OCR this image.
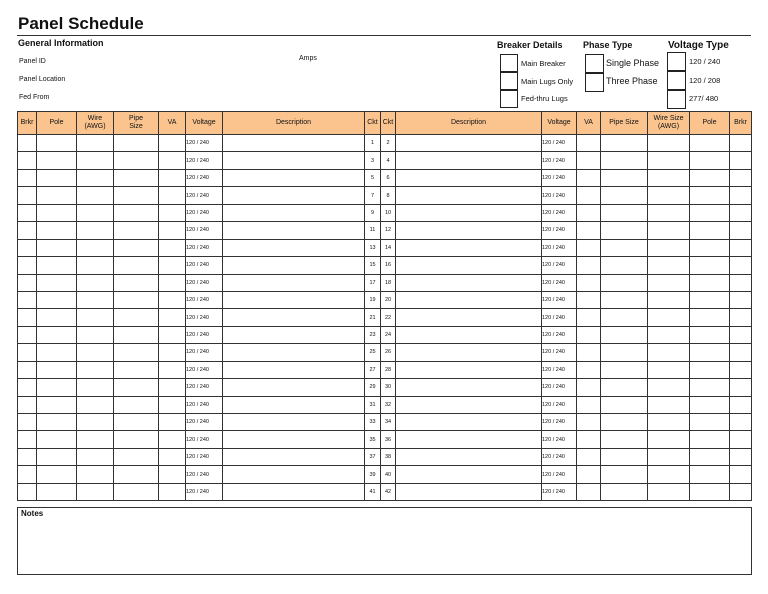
Panel Schedule
General Information
Panel ID	Amps
Panel Location
Fed From
Breaker Details
Main Breaker
Main Lugs Only
Fed-thru Lugs
Phase Type
Single Phase
Three Phase
Voltage Type
120 / 240
120 / 208
277/ 480
Brkr	Pole	Wire
(AWG)	Pipe
Size	VA	Voltage	Description	Ckt	Ckt	Description	Voltage	VA	Pipe Size	Wire Size
(AWG)	Pole	Brkr
					120 / 240		1	2		120 / 240					
					120 / 240		3	4		120 / 240					
					120 / 240		5	6		120 / 240					
					120 / 240		7	8		120 / 240					
					120 / 240		9	10		120 / 240					
					120 / 240		11	12		120 / 240					
					120 / 240		13	14		120 / 240					
					120 / 240		15	16		120 / 240					
					120 / 240		17	18		120 / 240					
					120 / 240		19	20		120 / 240					
					120 / 240		21	22		120 / 240					
					120 / 240		23	24		120 / 240					
					120 / 240		25	26		120 / 240					
					120 / 240		27	28		120 / 240					
					120 / 240		29	30		120 / 240					
					120 / 240		31	32		120 / 240					
					120 / 240		33	34		120 / 240					
					120 / 240		35	36		120 / 240					
					120 / 240		37	38		120 / 240					
					120 / 240		39	40		120 / 240					
					120 / 240		41	42		120 / 240					
Notes
